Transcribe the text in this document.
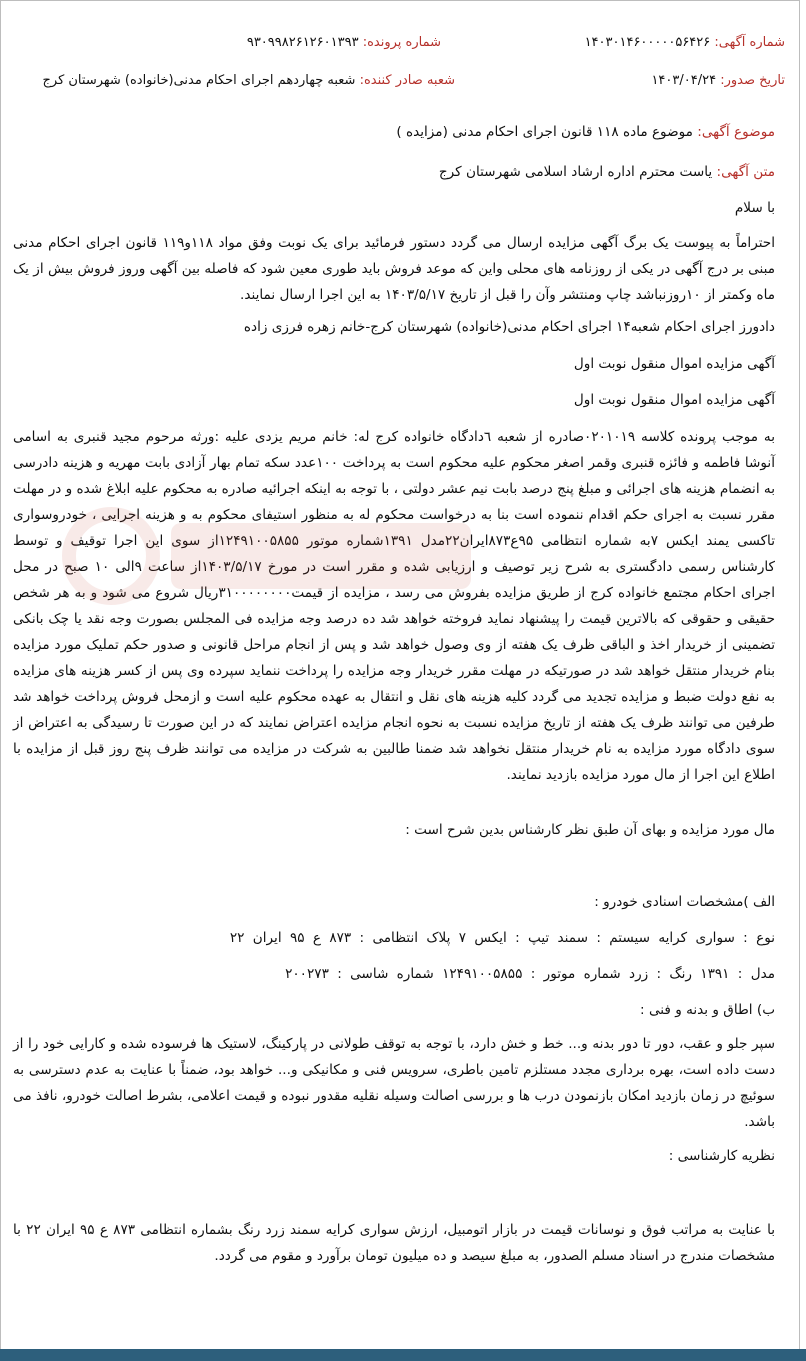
شماره آگهی: ۱۴۰۳۰۱۴۶۰۰۰۰۰۵۶۴۲۶
شماره پرونده: ۹۳۰۹۹۸۲۶۱۲۶۰۱۳۹۳
تاریخ صدور: ۱۴۰۳/۰۴/۲۴
شعبه صادر کننده: شعبه چهاردهم اجرای احکام مدنی(خانواده) شهرستان کرج
موضوع آگهی: موضوع ماده ۱۱۸ قانون اجرای احکام مدنی (مزایده )
متن آگهی: یاست محترم اداره ارشاد اسلامی شهرستان کرج
با سلام
احتراماً به پیوست یک برگ آگهی مزایده ارسال می گردد دستور فرمائید برای یک نوبت وفق مواد ۱۱۸و۱۱۹ قانون اجرای احکام مدنی مبنی بر درج آگهی در یکی از روزنامه های محلی واین که موعد فروش باید طوری معین شود که فاصله بین آگهی وروز فروش بیش از یک ماه وکمتر از ۱۰روزنباشد چاپ ومنتشر وآن را قبل از تاریخ ۱۴۰۳/۵/۱۷ به این اجرا ارسال نمایند.
دادورز اجرای احکام شعبه۱۴ اجرای احکام مدنی(خانواده) شهرستان کرج-خانم زهره فرزی زاده
آگهی مزایده اموال منقول نوبت اول
آگهی مزایده اموال منقول نوبت اول
به موجب پرونده کلاسه ۰۲۰۱۰۱۹صادره از شعبه ٦دادگاه خانواده کرج له: خانم مریم یزدی علیه :ورثه مرحوم مجید قنبری به اسامی آنوشا فاطمه و فائزه قنبری وقمر اصغر محکوم علیه محکوم است به پرداخت ۱۰۰عدد سکه تمام بهار آزادی بابت مهریه و هزینه دادرسی به انضمام هزینه های اجرائی و مبلغ پنج درصد بابت نیم عشر دولتی ، با توجه به اینکه اجرائیه صادره به محکوم علیه ابلاغ شده و در مهلت مقرر نسبت به اجرای حکم اقدام ننموده است بنا به درخواست محکوم له به منظور استیفای محکوم به و هزینه اجرایی ، خودروسواری تاکسی یمند ایکس ۷به شماره انتظامی ۹۵ع۸۷۳ایران۲۲مدل ۱۳۹۱شماره موتور ۱۲۴۹۱۰۰۵۸۵۵از سوی این اجرا توقیف و توسط کارشناس رسمی دادگستری به شرح زیر توصیف و ارزیابی شده و مقرر است در مورخ ۱۴۰۳/۵/۱۷از ساعت ۹الی ۱۰ صبح در محل اجرای احکام مجتمع خانواده کرج از طریق مزایده بفروش می رسد ، مزایده از قیمت۳۱۰۰۰۰۰۰۰۰ریال شروع می شود و به هر شخص حقیقی و حقوقی که بالاترین قیمت را پیشنهاد نماید فروخته خواهد شد ده درصد وجه مزایده فی المجلس بصورت وجه نقد یا چک بانکی تضمینی از خریدار اخذ و الباقی ظرف یک هفته از وی وصول خواهد شد و پس از انجام مراحل قانونی و صدور حکم تملیک مورد مزایده بنام خریدار منتقل خواهد شد در صورتیکه در مهلت مقرر خریدار وجه مزایده را پرداخت ننماید سپرده وی پس از کسر هزینه های مزایده به نفع دولت ضبط و مزایده تجدید می گردد کلیه هزینه های نقل و انتقال به عهده محکوم علیه است و ازمحل فروش پرداخت خواهد شد طرفین می توانند ظرف یک هفته از تاریخ مزایده نسبت به نحوه انجام مزایده اعتراض نمایند که در این صورت تا رسیدگی به اعتراض از سوی دادگاه مورد مزایده به نام خریدار منتقل نخواهد شد ضمنا طالبین به شرکت در مزایده می توانند ظرف پنج روز قبل از مزایده با اطلاع این اجرا از مال مورد مزایده بازدید نمایند.
مال مورد مزایده و بهای آن طبق نظر کارشناس بدین شرح است :
الف )مشخصات اسنادی خودرو :
نوع : سواری کرایه سیستم : سمند تیپ : ایکس ۷ پلاک انتظامی : ۸۷۳ ع ۹۵ ایران ۲۲
مدل : ۱۳۹۱ رنگ : زرد شماره موتور : ۱۲۴۹۱۰۰۵۸۵۵ شماره شاسی : ۲۰۰۲۷۳
ب) اطاق و بدنه و فنی :
سپر جلو و عقب، دور تا دور بدنه و... خط و خش دارد، با توجه به توقف طولانی در پارکینگ، لاستیک ها فرسوده شده و کارایی خود را از دست داده است، بهره برداری مجدد مستلزم تامین باطری، سرویس فنی و مکانیکی و... خواهد بود، ضمناً با عنایت به عدم دسترسی به سوئیچ در زمان بازدید امکان بازنمودن درب ها و بررسی اصالت وسیله نقلیه مقدور نبوده و قیمت اعلامی، بشرط اصالت خودرو، نافذ می باشد.
نظریه کارشناسی :
با عنایت به مراتب فوق و نوسانات قیمت در بازار اتومبیل، ارزش سواری کرایه سمند زرد رنگ بشماره انتظامی ۸۷۳ ع ۹۵ ایران ۲۲ با مشخصات مندرج در اسناد مسلم الصدور، به مبلغ سیصد و ده میلیون تومان برآورد و مقوم می گردد.
